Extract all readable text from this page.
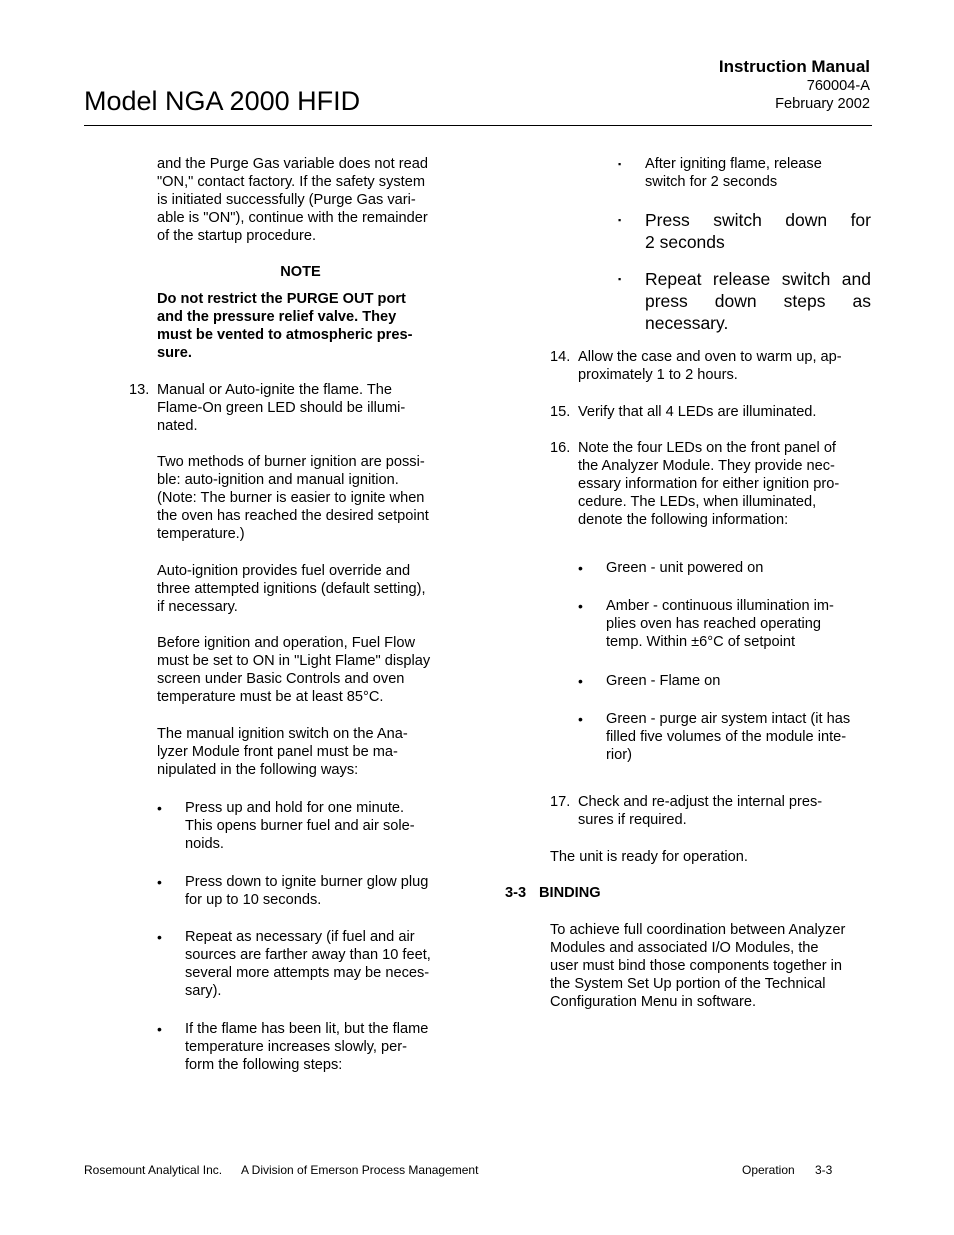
Model NGA 2000 HFID
Instruction Manual
760004-A
February 2002

and the Purge Gas variable does not read

"ON," contact factory. If the safety system

is initiated successfully (Purge Gas vari-

able is "ON"), continue with the remainder

of the startup procedure.

NOTE

Do not restrict the PURGE OUT port

and the pressure relief valve. They

must be vented to atmospheric pres-

sure.

13. Manual or Auto-ignite the flame. The

Flame-On green LED should be illumi-

nated.

Two methods of burner ignition are possi-

ble: auto-ignition and manual ignition.

(Note: The burner is easier to ignite when

the oven has reached the desired setpoint

temperature.)

Auto-ignition provides fuel override and

three attempted ignitions (default setting),

if necessary.

Before ignition and operation, Fuel Flow

must be set to ON in "Light Flame" display

screen under Basic Controls and oven

temperature must be at least 85°C.

The manual ignition switch on the Ana-

lyzer Module front panel must be ma-

nipulated in the following ways:

• Press up and hold for one minute.

This opens burner fuel and air sole-

noids.

• Press down to ignite burner glow plug

for up to 10 seconds.

• Repeat as necessary (if fuel and air

sources are farther away than 10 feet,

several more attempts may be neces-

sary).

• If the flame has been lit, but the flame

temperature increases slowly, per-

form the following steps:

▪ After igniting flame, release

switch for 2 seconds

▪ Press switch down for

2 seconds

▪ Repeat release switch and

press down steps as

necessary.

14. Allow the case and oven to warm up, ap-

proximately 1 to 2 hours.

15. Verify that all 4 LEDs are illuminated.

16. Note the four LEDs on the front panel of

the Analyzer Module. They provide nec-

essary information for either ignition pro-

cedure. The LEDs, when illuminated,

denote the following information:

• Green - unit powered on

• Amber - continuous illumination im-

plies oven has reached operating

temp. Within ±6°C of setpoint

• Green - Flame on

• Green - purge air system intact (it has

filled five volumes of the module inte-

rior)

17. Check and re-adjust the internal pres-

sures if required.

The unit is ready for operation.
3-3 BINDING

To achieve full coordination between Analyzer

Modules and associated I/O Modules, the

user must bind those components together in

the System Set Up portion of the Technical

Configuration Menu in software.

Rosemount Analytical Inc. A Division of Emerson Process Management	Operation 3-3
